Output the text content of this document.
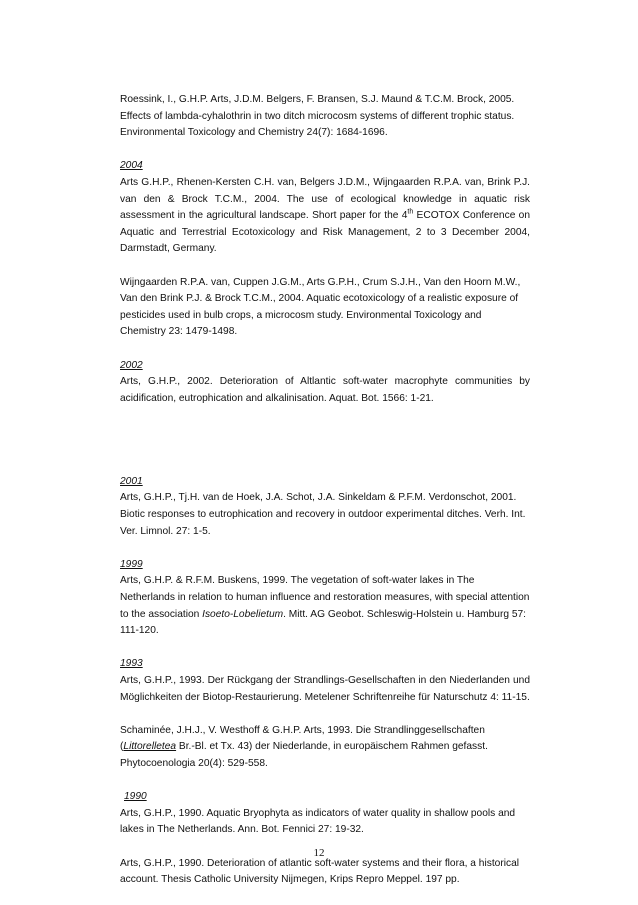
Roessink, I., G.H.P. Arts, J.D.M. Belgers, F. Bransen, S.J. Maund & T.C.M. Brock, 2005. Effects of lambda-cyhalothrin in two ditch microcosm systems of different trophic status. Environmental Toxicology and Chemistry 24(7): 1684-1696.

2004

Arts G.H.P., Rhenen-Kersten C.H. van, Belgers J.D.M., Wijngaarden R.P.A. van, Brink P.J. van den & Brock T.C.M., 2004. The use of ecological knowledge in aquatic risk assessment in the agricultural landscape. Short paper for the 4th ECOTOX Conference on Aquatic and Terrestrial Ecotoxicology and Risk Management, 2 to 3 December 2004, Darmstadt, Germany.

Wijngaarden R.P.A. van, Cuppen J.G.M., Arts G.P.H., Crum S.J.H., Van den Hoorn M.W., Van den Brink P.J. & Brock T.C.M., 2004. Aquatic ecotoxicology of a realistic exposure of pesticides used in bulb crops, a microcosm study. Environmental Toxicology and Chemistry 23: 1479-1498.

2002

Arts, G.H.P., 2002. Deterioration of Altlantic soft-water macrophyte communities by acidification, eutrophication and alkalinisation. Aquat. Bot. 1566: 1-21.

2001

Arts, G.H.P., Tj.H. van de Hoek, J.A. Schot, J.A. Sinkeldam & P.F.M. Verdonschot, 2001. Biotic responses to eutrophication and recovery in outdoor experimental ditches. Verh. Int. Ver. Limnol. 27: 1-5.

1999

Arts, G.H.P. & R.F.M. Buskens, 1999. The vegetation of soft-water lakes in The Netherlands in relation to human influence and restoration measures, with special attention to the association Isoeto-Lobelietum. Mitt. AG Geobot. Schleswig-Holstein u. Hamburg 57: 111-120.

1993

Arts, G.H.P., 1993. Der Rückgang der Strandlings-Gesellschaften in den Niederlanden und Möglichkeiten der Biotop-Restaurierung. Metelener Schriftenreihe für Naturschutz 4: 11-15.

Schaminée, J.H.J., V. Westhoff & G.H.P. Arts, 1993. Die Strandlinggesellschaften (Littorelletea Br.-Bl. et Tx. 43) der Niederlande, in europäischem Rahmen gefasst. Phytocoenologia 20(4): 529-558.

1990

Arts, G.H.P., 1990. Aquatic Bryophyta as indicators of water quality in shallow pools and lakes in The Netherlands. Ann. Bot. Fennici 27: 19-32.

Arts, G.H.P., 1990. Deterioration of atlantic soft-water systems and their flora, a historical account. Thesis Catholic University Nijmegen, Krips Repro Meppel. 197 pp.

12
